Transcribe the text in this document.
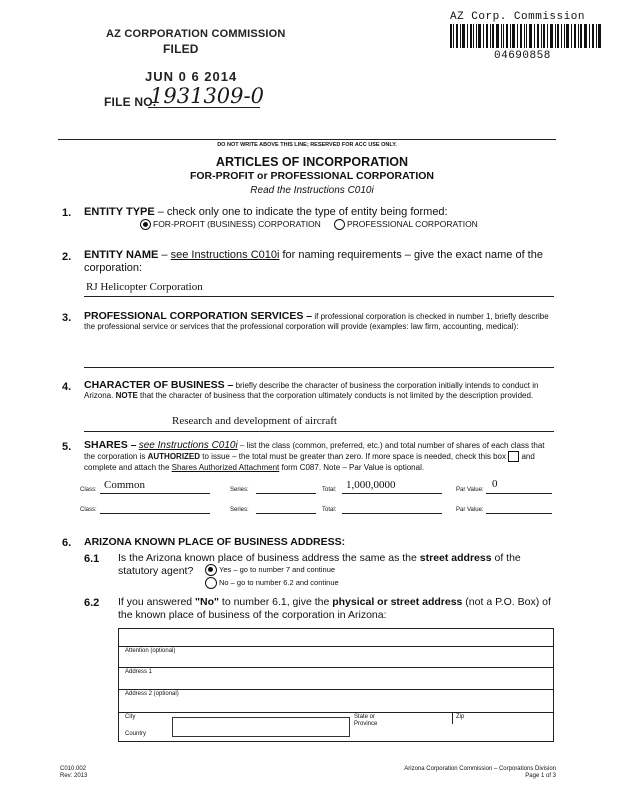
AZ CORPORATION COMMISSION
FILED
JUN 0 6 2014
FILE NO.
1931309-0
AZ Corp. Commission
04690858
DO NOT WRITE ABOVE THIS LINE; RESERVED FOR ACC USE ONLY.
ARTICLES OF INCORPORATION
FOR-PROFIT or PROFESSIONAL CORPORATION
Read the Instructions C010i
1. ENTITY TYPE – check only one to indicate the type of entity being formed:
FOR-PROFIT (BUSINESS) CORPORATION	PROFESSIONAL CORPORATION
2. ENTITY NAME – see Instructions C010i for naming requirements – give the exact name of the corporation:
RJ Helicopter Corporation
3. PROFESSIONAL CORPORATION SERVICES – if professional corporation is checked in number 1, briefly describe the professional service or services that the professional corporation will provide (examples: law firm, accounting, medical):
4. CHARACTER OF BUSINESS – briefly describe the character of business the corporation initially intends to conduct in Arizona. NOTE that the character of business that the corporation ultimately conducts is not limited by the description provided.
Research and development of aircraft
5. SHARES – see Instructions C010i – list the class (common, preferred, etc.) and total number of shares of each class that the corporation is AUTHORIZED to issue – the total must be greater than zero. If more space is needed, check this box  and complete and attach the Shares Authorized Attachment form C087. Note – Par Value is optional.
Class: Common	Series:	Total: 1,000,0000	Par Value: 0
Class:	Series:	Total:	Par Value:
6. ARIZONA KNOWN PLACE OF BUSINESS ADDRESS:
6.1 Is the Arizona known place of business address the same as the street address of the statutory agent?	Yes – go to number 7 and continue
No – go to number 6.2 and continue
6.2 If you answered "No" to number 6.1, give the physical or street address (not a P.O. Box) of the known place of business of the corporation in Arizona:
Attention (optional)
Address 1
Address 2 (optional)
City	State or Province
Zip
Country
C010.002
Rev: 2013
Arizona Corporation Commission – Corporations Division
Page 1 of 3
